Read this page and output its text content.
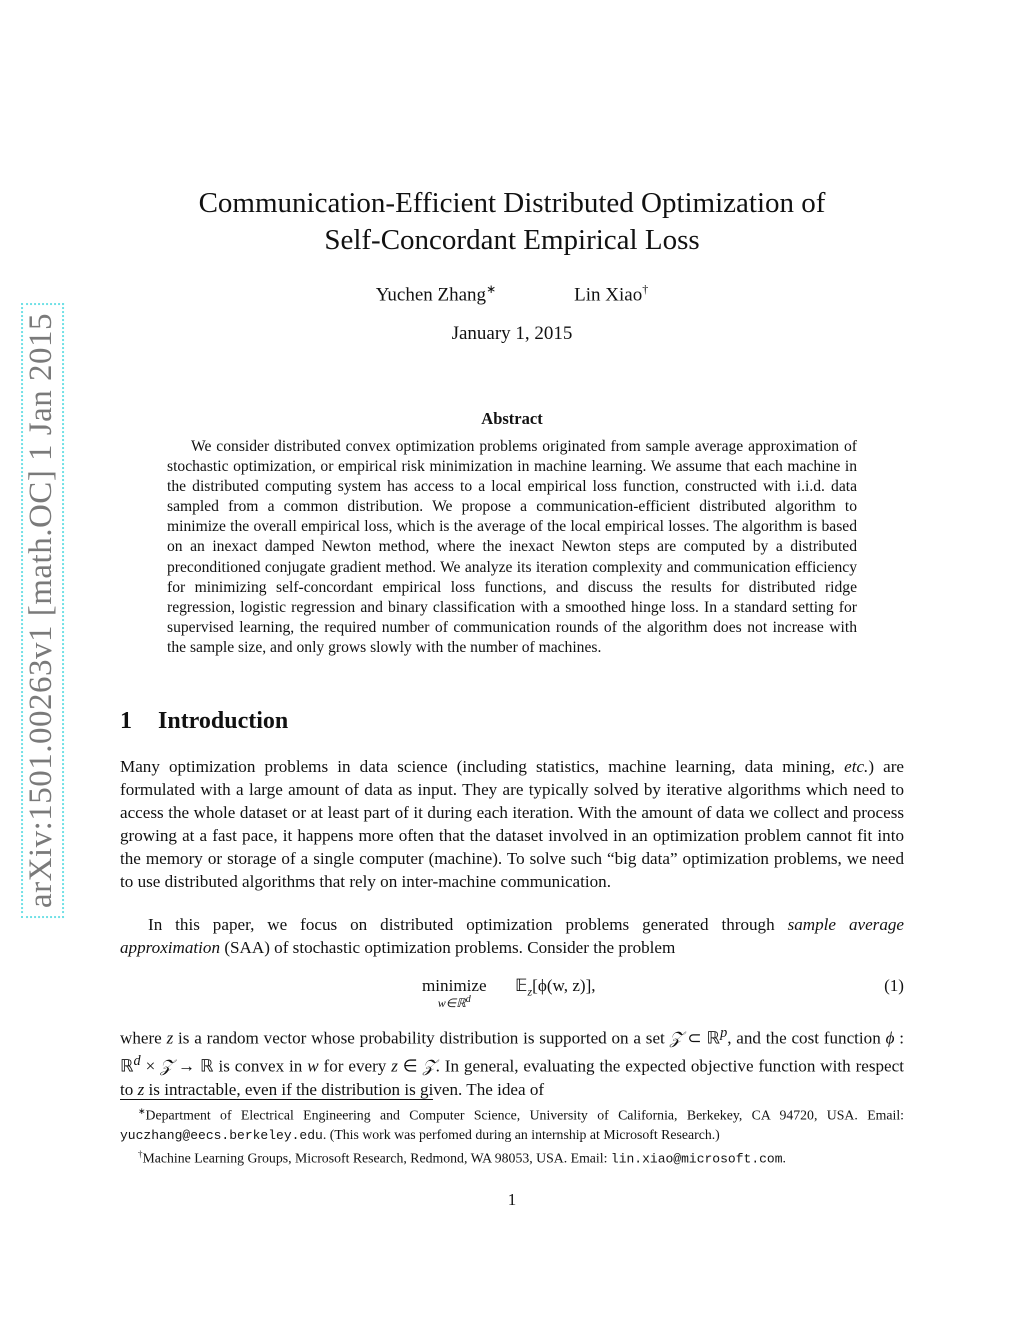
arXiv:1501.00263v1 [math.OC] 1 Jan 2015
Communication-Efficient Distributed Optimization of
Self-Concordant Empirical Loss
Yuchen Zhang∗	Lin Xiao†
January 1, 2015
Abstract

We consider distributed convex optimization problems originated from sample average approximation of stochastic optimization, or empirical risk minimization in machine learning. We assume that each machine in the distributed computing system has access to a local empirical loss function, constructed with i.i.d. data sampled from a common distribution. We propose a communication-efficient distributed algorithm to minimize the overall empirical loss, which is the average of the local empirical losses. The algorithm is based on an inexact damped Newton method, where the inexact Newton steps are computed by a distributed preconditioned conjugate gradient method. We analyze its iteration complexity and communication efficiency for minimizing self-concordant empirical loss functions, and discuss the results for distributed ridge regression, logistic regression and binary classification with a smoothed hinge loss. In a standard setting for supervised learning, the required number of communication rounds of the algorithm does not increase with the sample size, and only grows slowly with the number of machines.

1 Introduction

Many optimization problems in data science (including statistics, machine learning, data mining, etc.) are formulated with a large amount of data as input. They are typically solved by iterative algorithms which need to access the whole dataset or at least part of it during each iteration. With the amount of data we collect and process growing at a fast pace, it happens more often that the dataset involved in an optimization problem cannot fit into the memory or storage of a single computer (machine). To solve such “big data” optimization problems, we need to use distributed algorithms that rely on inter-machine communication.

In this paper, we focus on distributed optimization problems generated through sample average approximation (SAA) of stochastic optimization problems. Consider the problem

minimize
w∈ℝ$^d$
𝔼$_z$[ϕ(w, z)],	(1)

where z is a random vector whose probability distribution is supported on a set 𝒵 ⊂ ℝ$^p$, and the cost function ϕ : ℝ$^d$ × 𝒵 → ℝ is convex in w for every z ∈ 𝒵. In general, evaluating the expected objective function with respect to z is intractable, even if the distribution is given. The idea of

∗Department of Electrical Engineering and Computer Science, University of California, Berkekey, CA 94720, USA. Email: yuczhang@eecs.berkeley.edu. (This work was perfomed during an internship at Microsoft Research.)

†Machine Learning Groups, Microsoft Research, Redmond, WA 98053, USA. Email: lin.xiao@microsoft.com.

1
